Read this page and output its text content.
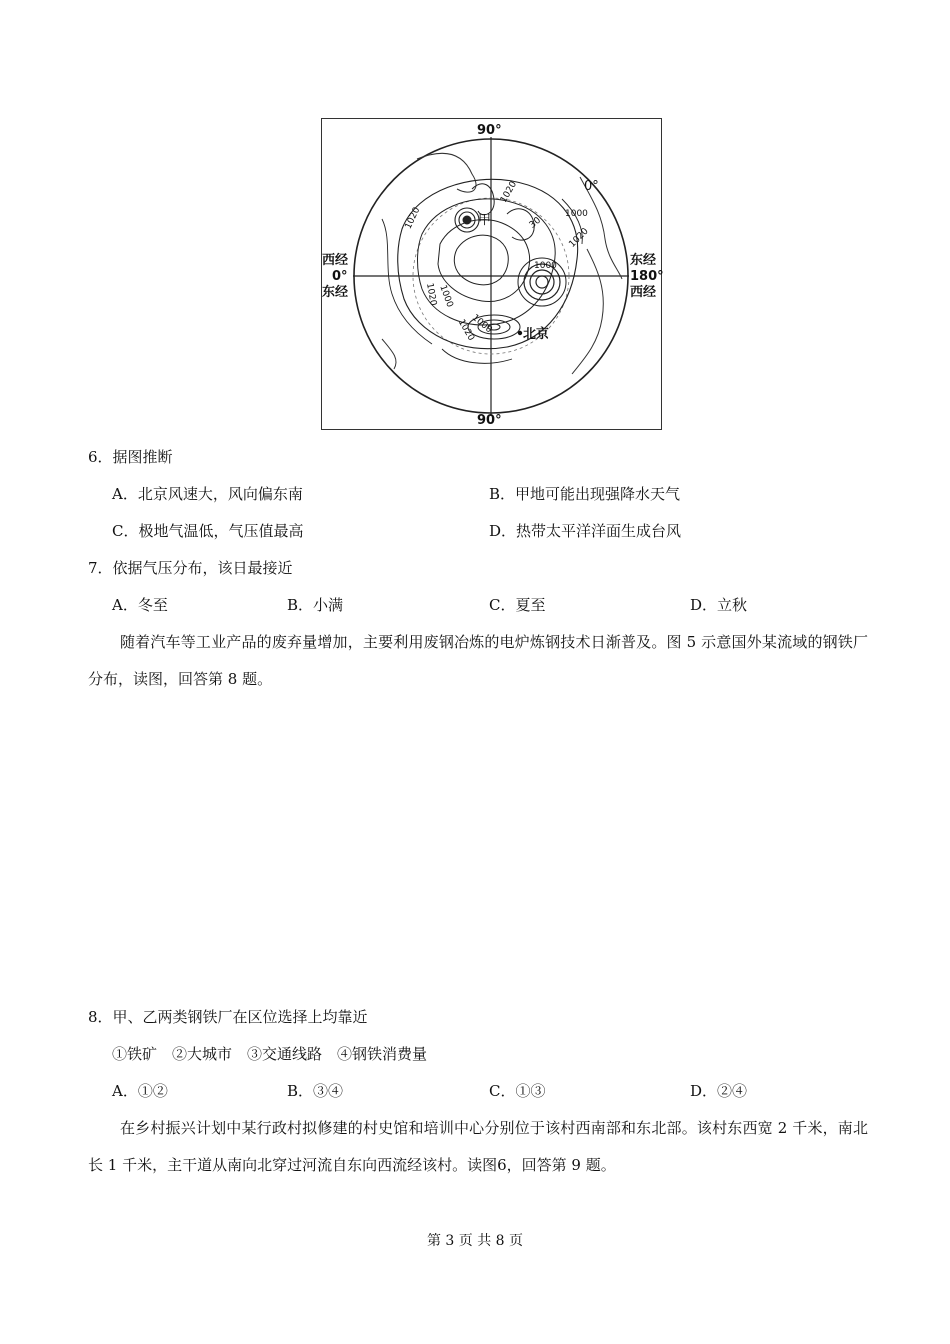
90°
90°
西经
0°
东经
东经
180°
西经
0°
甲
北京
1020
1020
1020
1020
1020
1000
1000
1000
1000
30
6．据图推断
A．北京风速大，风向偏东南	B．甲地可能出现强降水天气
C．极地气温低，气压值最高	D．热带太平洋洋面生成台风
7．依据气压分布，该日最接近
A．冬至	B．小满	C．夏至	D．立秋
随着汽车等工业产品的废弃量增加，主要利用废钢冶炼的电炉炼钢技术日渐普及。图 5 示意国外某流域的钢铁厂分布，读图，回答第 8 题。
8．甲、乙两类钢铁厂在区位选择上均靠近
①铁矿　②大城市　③交通线路　④钢铁消费量
A．①②	B．③④	C．①③	D．②④
在乡村振兴计划中某行政村拟修建的村史馆和培训中心分别位于该村西南部和东北部。该村东西宽 2 千米，南北长 1 千米，主干道从南向北穿过河流自东向西流经该村。读图6，回答第 9 题。
第 3 页 共 8 页
